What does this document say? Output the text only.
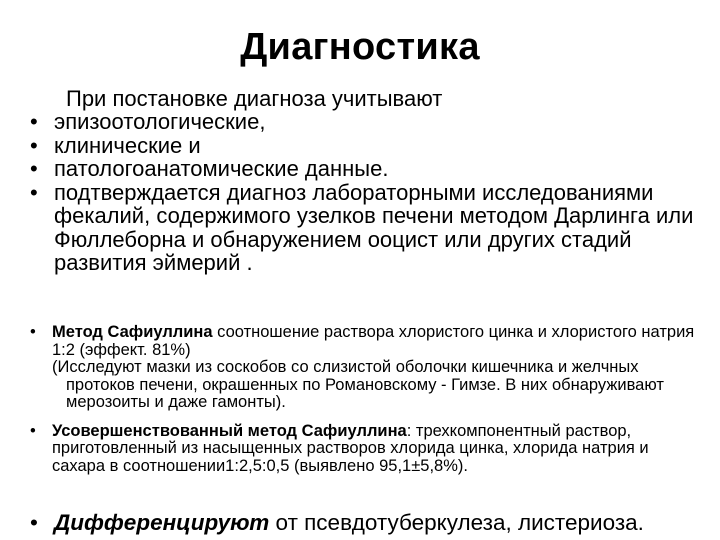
Диагностика

При постановке диагноза учитывают

• эпизоотологические,
• клинические и
• патологоанатомические данные.
• подтверждается диагноз лабораторными исследованиями фекалий, содержимого узелков печени методом Дарлинга или Фюллеборна и обнаружением ооцист или других стадий развития эймерий .
• Метод Сафиуллина соотношение раствора хлористого цинка и хлористого натрия 1:2 (эффект. 81%)
(Исследуют мазки из соскобов со слизистой оболочки кишечника и желчных протоков печени, окрашенных по Романовскому - Гимзе. В них обнаруживают мерозоиты и даже гамонты).
• Усовершенствованный метод Сафиуллина: трехкомпонентный раствор, приготовленный из насыщенных растворов хлорида цинка, хлорида натрия и сахара в соотношении1:2,5:0,5 (выявлено 95,1±5,8%).
• Дифференцируют от псевдотуберкулеза, листериоза.
